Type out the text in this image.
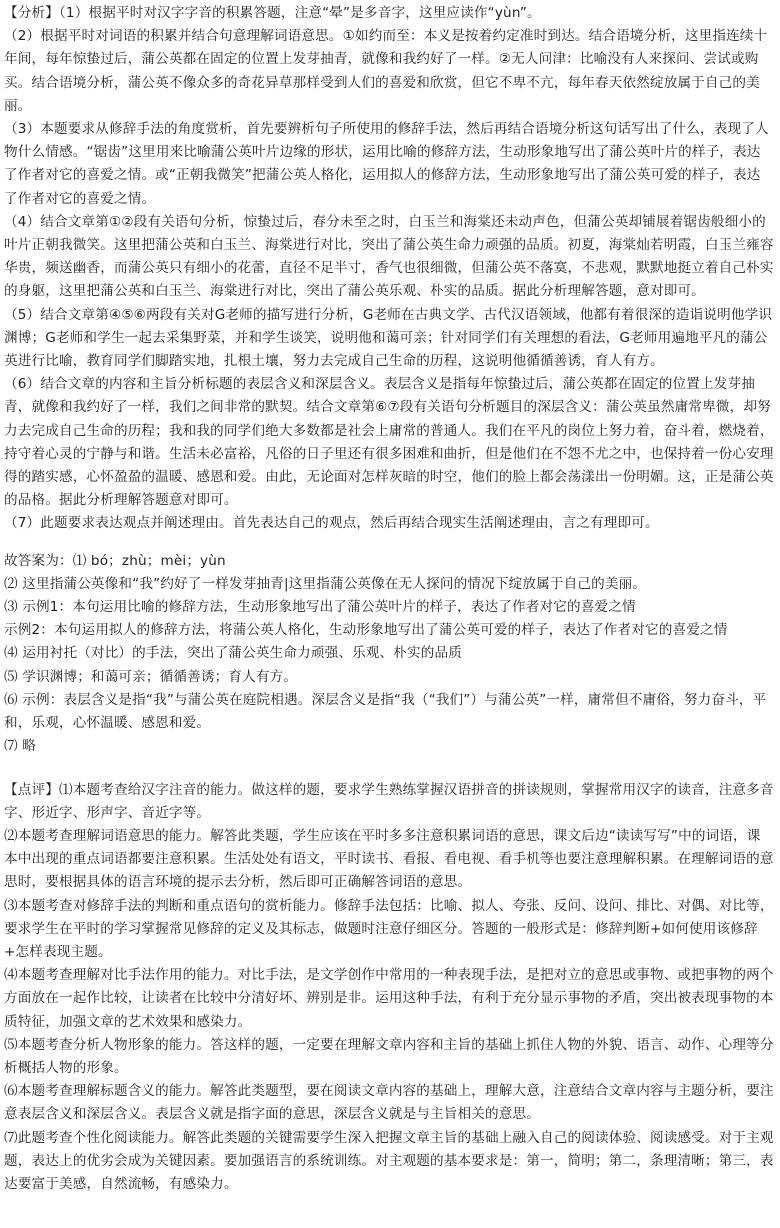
【分析】（1）根据平时对汉字字音的积累答题，注意“晕”是多音字，这里应读作“yùn”。

（2）根据平时对词语的积累并结合句意理解词语意思。①如约而至：本义是按着约定准时到达。结合语境分析，这里指连续十年间，每年惊蛰过后，蒲公英都在固定的位置上发芽抽青，就像和我约好了一样。②无人问津：比喻没有人来探问、尝试或购买。结合语境分析，蒲公英不像众多的奇花异草那样受到人们的喜爱和欣赏，但它不卑不亢，每年春天依然绽放属于自己的美丽。

（3）本题要求从修辞手法的角度赏析，首先要辨析句子所使用的修辞手法，然后再结合语境分析这句话写出了什么，表现了人物什么情感。“锯齿”这里用来比喻蒲公英叶片边缘的形状，运用比喻的修辞方法，生动形象地写出了蒲公英叶片的样子，表达了作者对它的喜爱之情。或“正朝我微笑”把蒲公英人格化，运用拟人的修辞方法，生动形象地写出了蒲公英可爱的样子，表达了作者对它的喜爱之情。

（4）结合文章第①②段有关语句分析，惊蛰过后，春分未至之时，白玉兰和海棠还未动声色，但蒲公英却铺展着锯齿般细小的叶片正朝我微笑。这里把蒲公英和白玉兰、海棠进行对比，突出了蒲公英生命力顽强的品质。初夏，海棠灿若明霞，白玉兰雍容华贵，频送幽香，而蒲公英只有细小的花蕾，直径不足半寸，香气也很细微，但蒲公英不落寞，不悲观，默默地挺立着自己朴实的身躯，这里把蒲公英和白玉兰、海棠进行对比，突出了蒲公英乐观、朴实的品质。据此分析理解答题，意对即可。

（5）结合文章第④⑤⑥两段有关对G老师的描写进行分析，G老师在古典文学、古代汉语领域，他都有着很深的造诣说明他学识渊博；G老师和学生一起去采集野菜，并和学生谈笑，说明他和蔼可亲；针对同学们有关理想的看法，G老师用遍地平凡的蒲公英进行比喻，教育同学们脚踏实地，扎根土壤，努力去完成自己生命的历程，这说明他循循善诱，育人有方。

（6）结合文章的内容和主旨分析标题的表层含义和深层含义。表层含义是指每年惊蛰过后，蒲公英都在固定的位置上发芽抽青，就像和我约好了一样，我们之间非常的默契。结合文章第⑥⑦段有关语句分析题目的深层含义：蒲公英虽然庸常卑微，却努力去完成自己生命的历程；我和我的同学们绝大多数都是社会上庸常的普通人。我们在平凡的岗位上努力着，奋斗着，燃烧着，持守着心灵的宁静与和谐。生活未必富裕，凡俗的日子里还有很多困难和曲折，但是他们在不怨不尤之中，也保持着一份心安理得的踏实感，心怀盈盈的温暖、感恩和爱。由此，无论面对怎样灰暗的时空，他们的脸上都会荡漾出一份明媚。这，正是蒲公英的品格。据此分析理解答题意对即可。

（7）此题要求表达观点并阐述理由。首先表达自己的观点，然后再结合现实生活阐述理由，言之有理即可。

故答案为：⑴ bó；zhù；mèi；yùn

⑵ 这里指蒲公英像和“我”约好了一样发芽抽青|这里指蒲公英像在无人探问的情况下绽放属于自己的美丽。

⑶ 示例1：本句运用比喻的修辞方法，生动形象地写出了蒲公英叶片的样子，表达了作者对它的喜爱之情

示例2：本句运用拟人的修辞方法，将蒲公英人格化，生动形象地写出了蒲公英可爱的样子，表达了作者对它的喜爱之情

⑷ 运用衬托（对比）的手法，突出了蒲公英生命力顽强、乐观、朴实的品质

⑸ 学识渊博；和蔼可亲；循循善诱；育人有方。

⑹ 示例：表层含义是指“我”与蒲公英在庭院相遇。深层含义是指“我（“我们”）与蒲公英”一样，庸常但不庸俗，努力奋斗，平和，乐观，心怀温暖、感恩和爱。

⑺ 略

【点评】⑴本题考查给汉字注音的能力。做这样的题，要求学生熟练掌握汉语拼音的拼读规则，掌握常用汉字的读音，注意多音字、形近字、形声字、音近字等。

⑵本题考查理解词语意思的能力。解答此类题，学生应该在平时多多注意积累词语的意思，课文后边“读读写写”中的词语，课本中出现的重点词语都要注意积累。生活处处有语文，平时读书、看报、看电视、看手机等也要注意理解积累。在理解词语的意思时，要根据具体的语言环境的提示去分析，然后即可正确解答词语的意思。

⑶本题考查对修辞手法的判断和重点语句的赏析能力。修辞手法包括：比喻、拟人、夸张、反问、设问、排比、对偶、对比等，要求学生在平时的学习掌握常见修辞的定义及其标志，做题时注意仔细区分。答题的一般形式是：修辞判断+如何使用该修辞+怎样表现主题。

⑷本题考查理解对比手法作用的能力。对比手法，是文学创作中常用的一种表现手法，是把对立的意思或事物、或把事物的两个方面放在一起作比较，让读者在比较中分清好坏、辨别是非。运用这种手法，有利于充分显示事物的矛盾，突出被表现事物的本质特征，加强文章的艺术效果和感染力。

⑸本题考查分析人物形象的能力。答这样的题，一定要在理解文章内容和主旨的基础上抓住人物的外貌、语言、动作、心理等分析概括人物的形象。

⑹本题考查理解标题含义的能力。解答此类题型，要在阅读文章内容的基础上，理解大意，注意结合文章内容与主题分析，要注意表层含义和深层含义。表层含义就是指字面的意思，深层含义就是与主旨相关的意思。

⑺此题考查个性化阅读能力。解答此类题的关键需要学生深入把握文章主旨的基础上融入自己的阅读体验、阅读感受。对于主观题，表达上的优劣会成为关键因素。要加强语言的系统训练。对主观题的基本要求是：第一，简明；第二，条理清晰；第三，表达要富于美感，自然流畅，有感染力。
